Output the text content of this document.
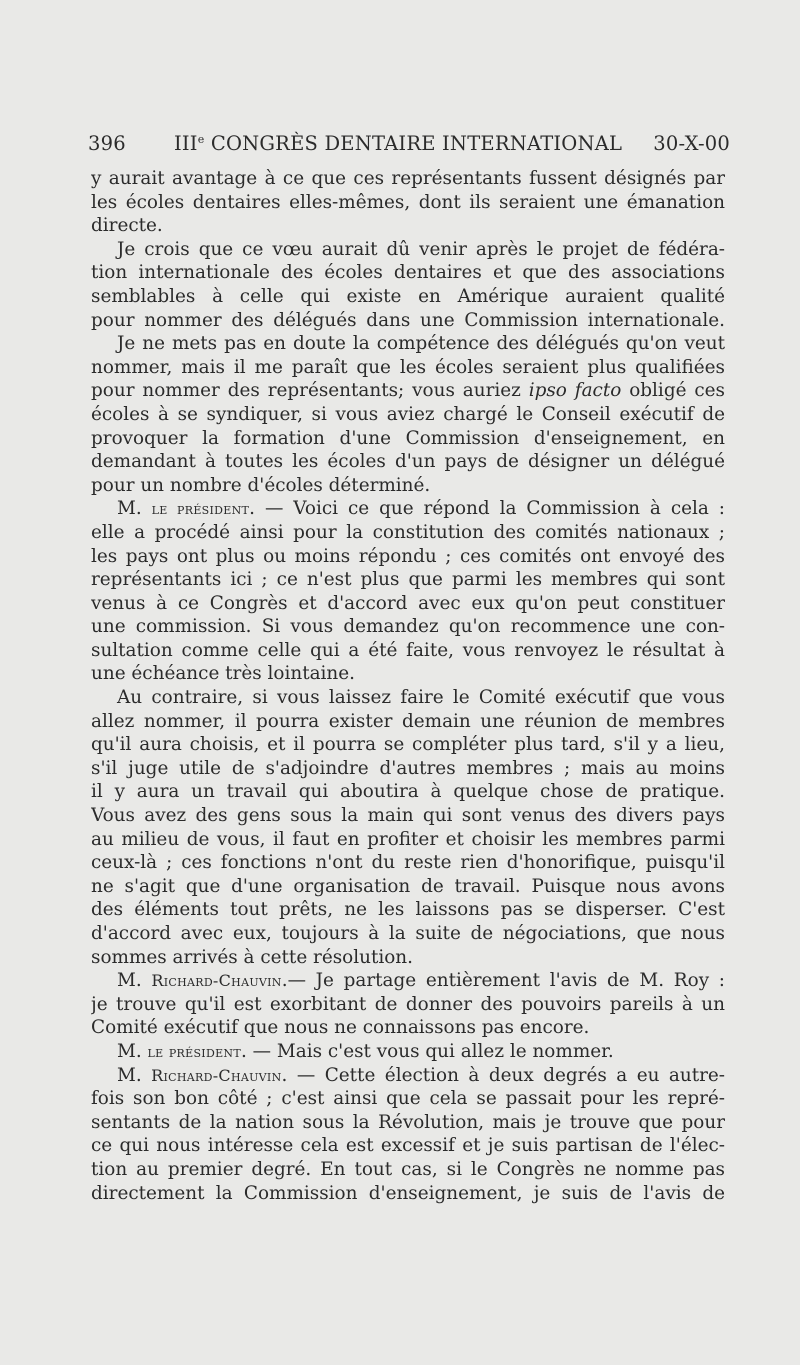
396 IIIe CONGRÈS DENTAIRE INTERNATIONAL 30-X-00
y aurait avantage à ce que ces représentants fussent désignés par
les écoles dentaires elles-mêmes, dont ils seraient une émanation
directe.
Je crois que ce vœu aurait dû venir après le projet de fédéra-
tion internationale des écoles dentaires et que des associations
semblables à celle qui existe en Amérique auraient qualité
pour nommer des délégués dans une Commission internationale.
Je ne mets pas en doute la compétence des délégués qu'on veut
nommer, mais il me paraît que les écoles seraient plus qualifiées
pour nommer des représentants; vous auriez ipso facto obligé ces
écoles à se syndiquer, si vous aviez chargé le Conseil exécutif de
provoquer la formation d'une Commission d'enseignement, en
demandant à toutes les écoles d'un pays de désigner un délégué
pour un nombre d'écoles déterminé.
M. le président. — Voici ce que répond la Commission à cela :
elle a procédé ainsi pour la constitution des comités nationaux ;
les pays ont plus ou moins répondu ; ces comités ont envoyé des
représentants ici ; ce n'est plus que parmi les membres qui sont
venus à ce Congrès et d'accord avec eux qu'on peut constituer
une commission. Si vous demandez qu'on recommence une con-
sultation comme celle qui a été faite, vous renvoyez le résultat à
une échéance très lointaine.
Au contraire, si vous laissez faire le Comité exécutif que vous
allez nommer, il pourra exister demain une réunion de membres
qu'il aura choisis, et il pourra se compléter plus tard, s'il y a lieu,
s'il juge utile de s'adjoindre d'autres membres ; mais au moins
il y aura un travail qui aboutira à quelque chose de pratique.
Vous avez des gens sous la main qui sont venus des divers pays
au milieu de vous, il faut en profiter et choisir les membres parmi
ceux-là ; ces fonctions n'ont du reste rien d'honorifique, puisqu'il
ne s'agit que d'une organisation de travail. Puisque nous avons
des éléments tout prêts, ne les laissons pas se disperser. C'est
d'accord avec eux, toujours à la suite de négociations, que nous
sommes arrivés à cette résolution.
M. Richard-Chauvin.— Je partage entièrement l'avis de M. Roy :
je trouve qu'il est exorbitant de donner des pouvoirs pareils à un
Comité exécutif que nous ne connaissons pas encore.
M. le président. — Mais c'est vous qui allez le nommer.
M. Richard-Chauvin. — Cette élection à deux degrés a eu autre-
fois son bon côté ; c'est ainsi que cela se passait pour les repré-
sentants de la nation sous la Révolution, mais je trouve que pour
ce qui nous intéresse cela est excessif et je suis partisan de l'élec-
tion au premier degré. En tout cas, si le Congrès ne nomme pas
directement la Commission d'enseignement, je suis de l'avis de
